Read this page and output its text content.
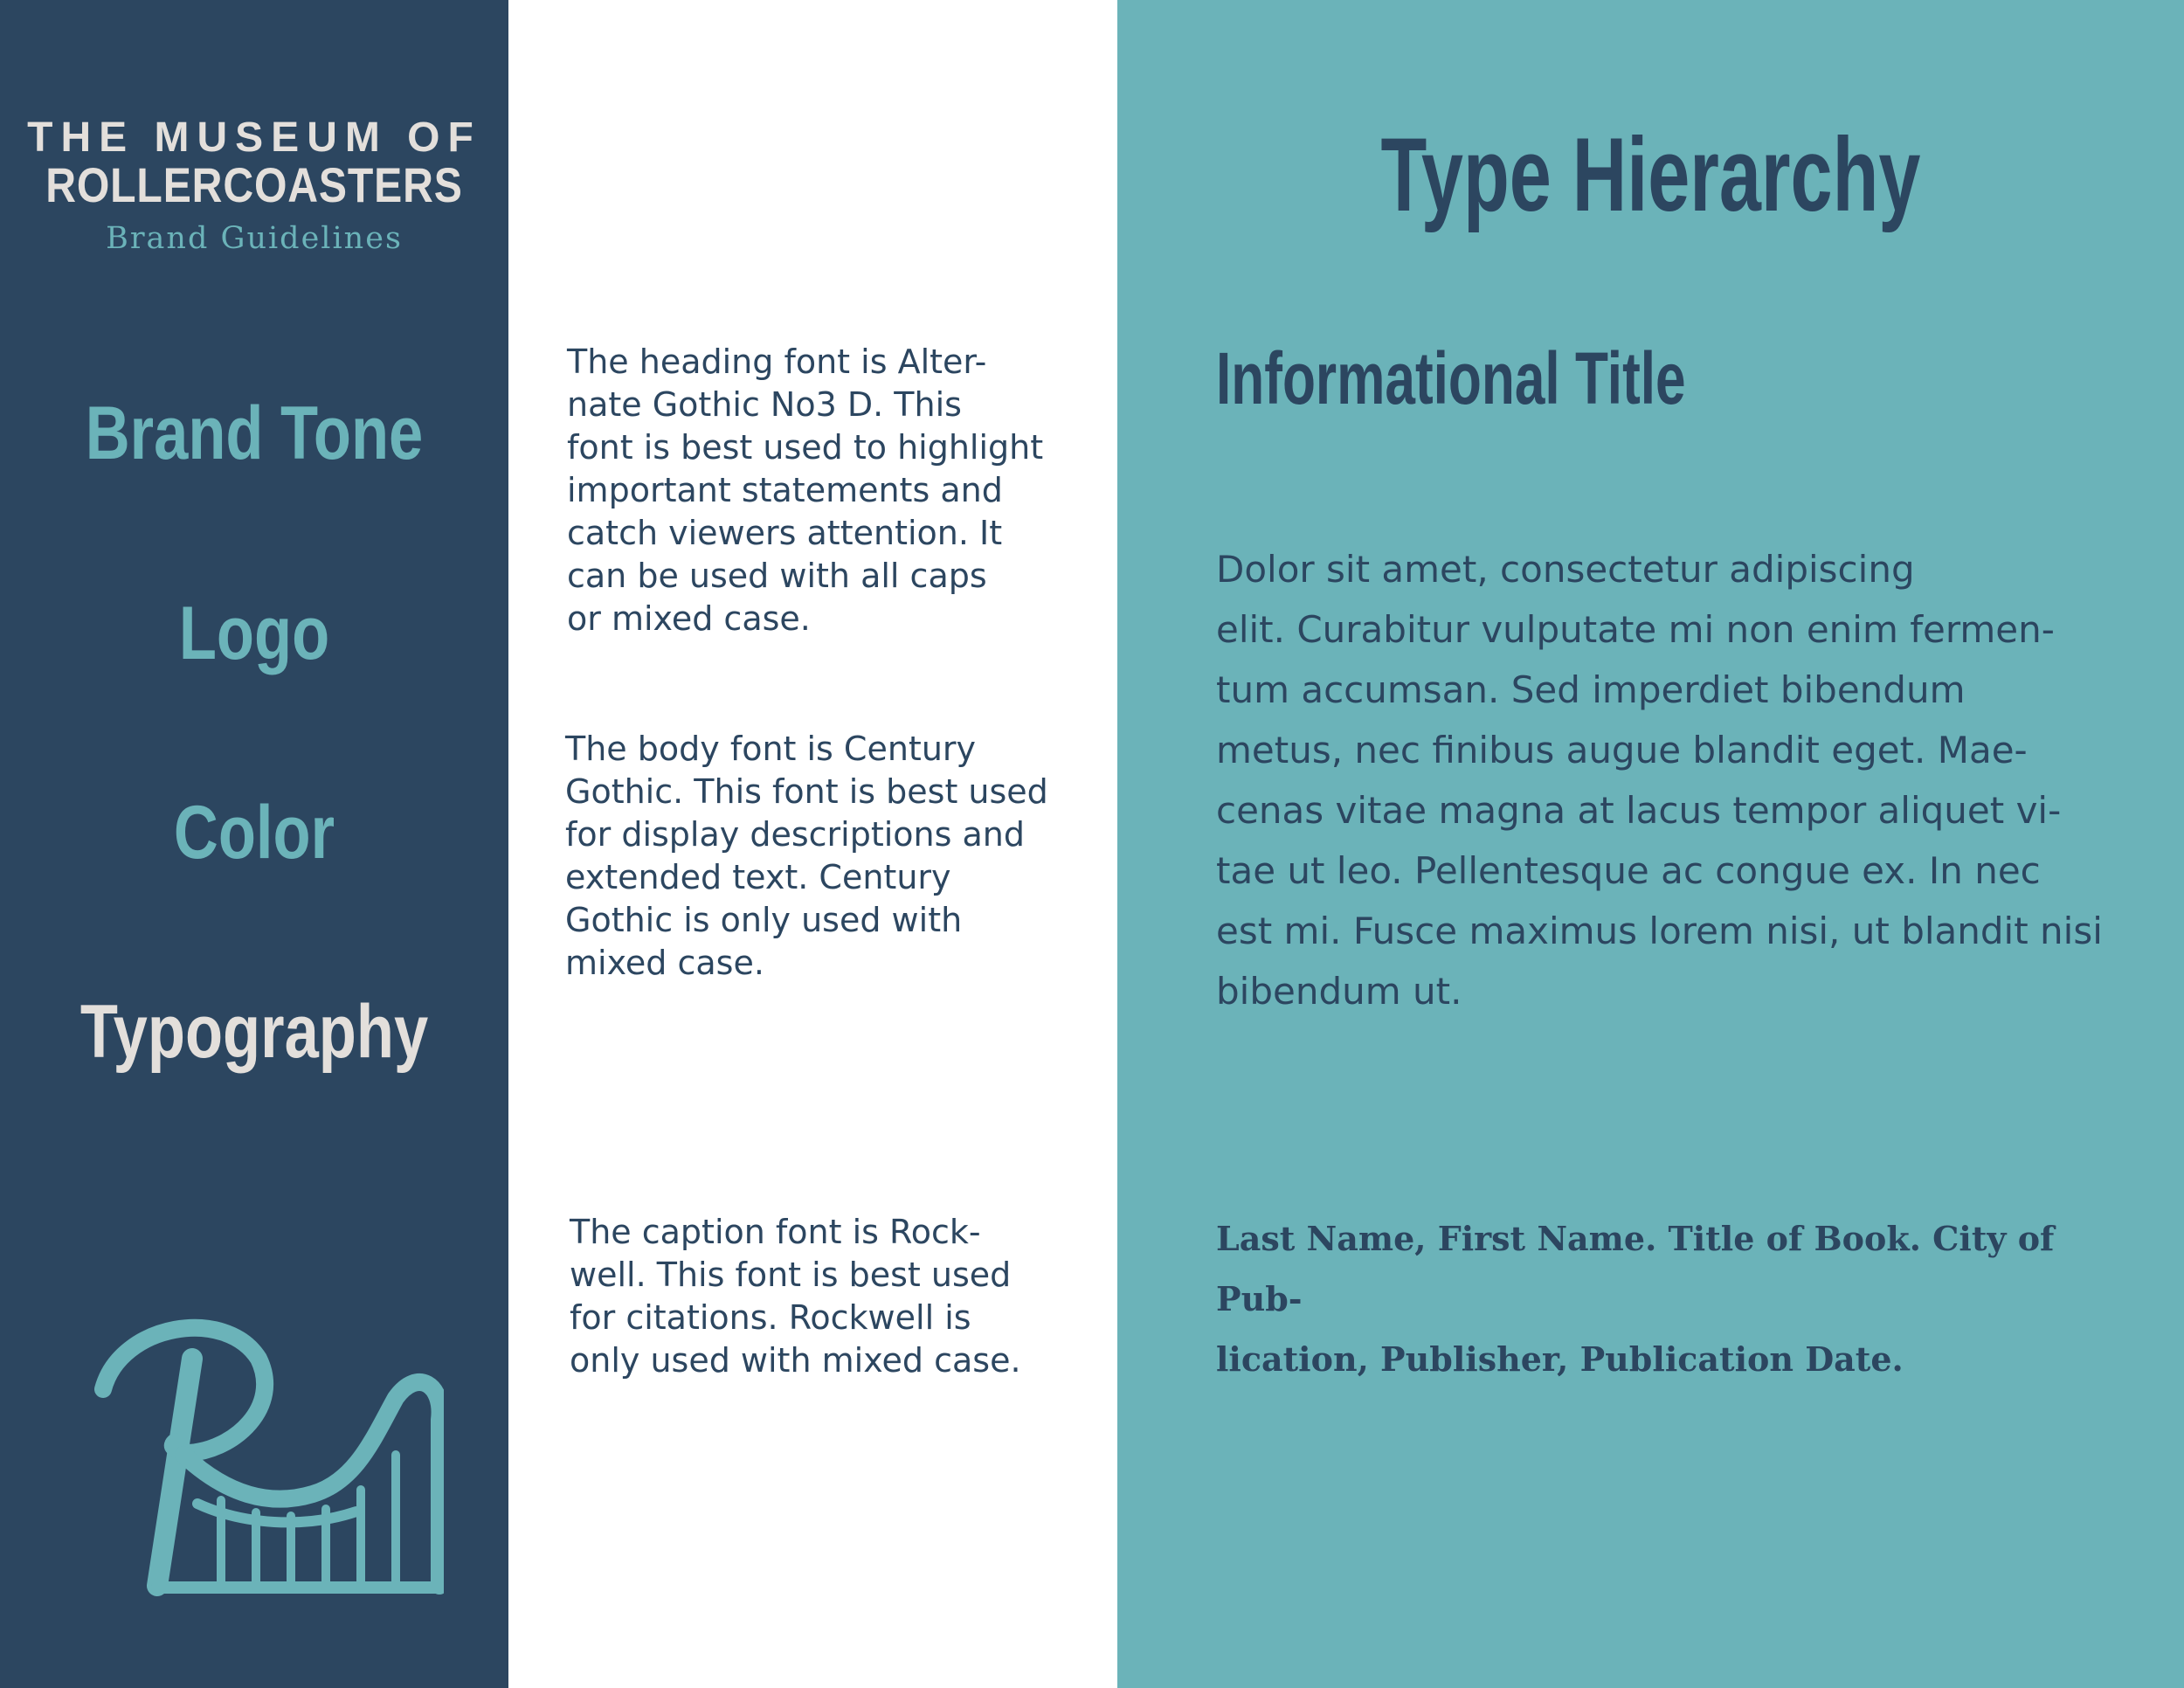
THE MUSEUM OF
ROLLERCOASTERS
Brand Guidelines
Brand Tone
Logo
Color
Typography

The heading font is Alter-
nate Gothic No3 D. This
font is best used to highlight
important statements and
catch viewers attention. It
can be used with all caps
or mixed case.

The body font is Century
Gothic. This font is best used
for display descriptions and
extended text. Century
Gothic is only used with
mixed case.

The caption font is Rock-
well. This font is best used
for citations. Rockwell is
only used with mixed case.

Type Hierarchy
Informational Title

Dolor sit amet, consectetur adipiscing
elit. Curabitur vulputate mi non enim fermen-
tum accumsan. Sed imperdiet bibendum
metus, nec finibus augue blandit eget. Mae-
cenas vitae magna at lacus tempor aliquet vi-
tae ut leo. Pellentesque ac congue ex. In nec
est mi. Fusce maximus lorem nisi, ut blandit nisi
bibendum ut.

Last Name, First Name. Title of Book. City of Pub-
lication, Publisher, Publication Date.
